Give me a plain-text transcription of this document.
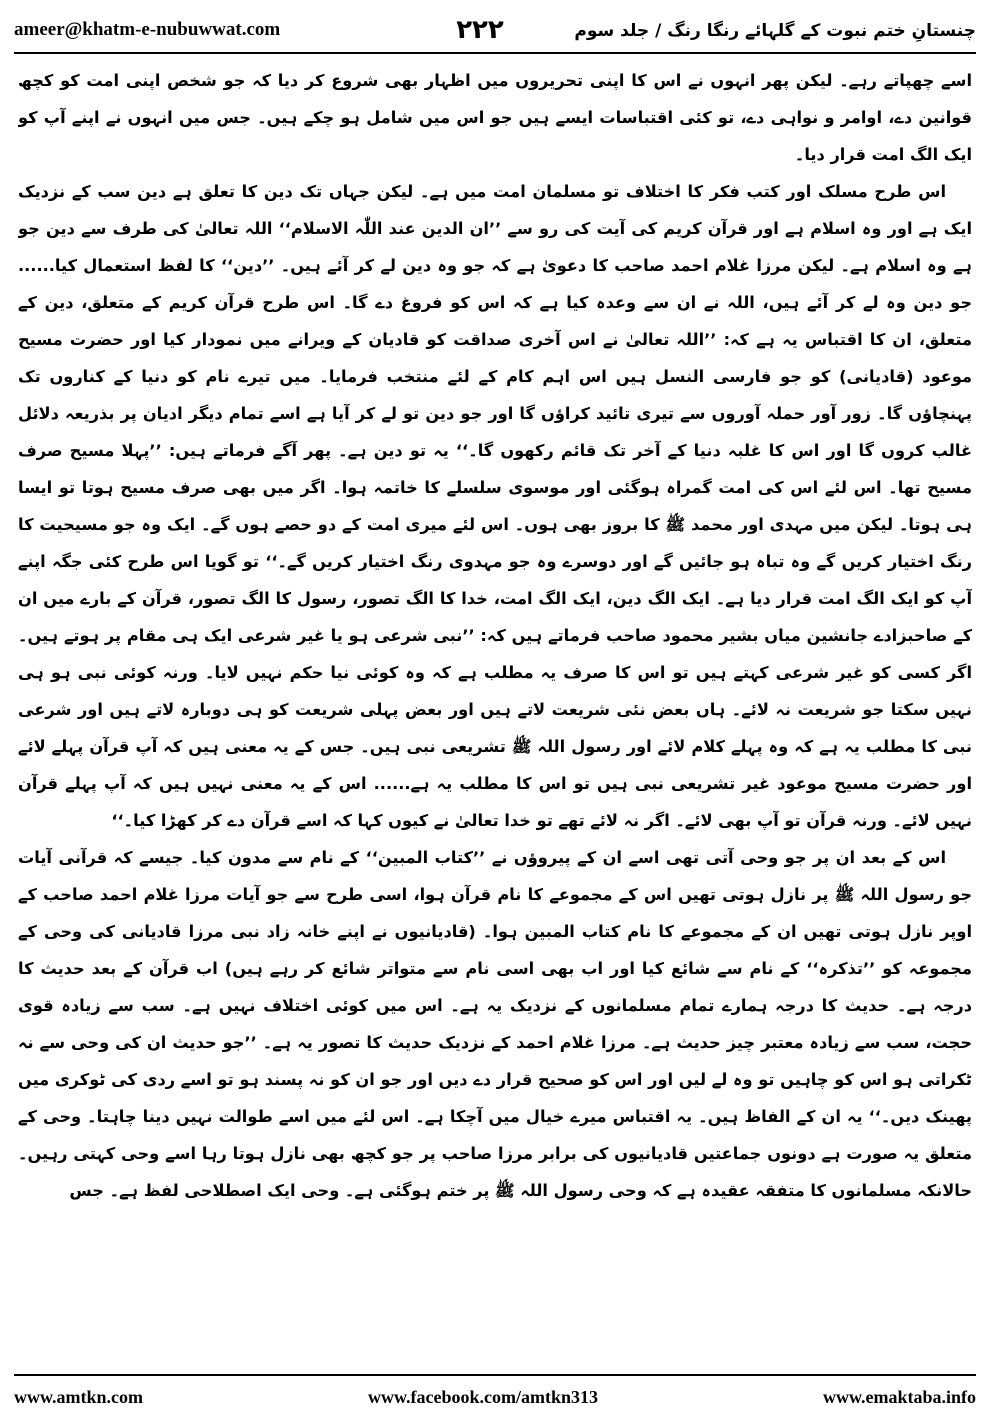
ameer@khatm-e-nubuwwat.com	۲۲۲	چنستانِ ختم نبوت کے گلہائے رنگا رنگ / جلد سوم

اسے چھپاتے رہے۔ لیکن پھر انہوں نے اس کا اپنی تحریروں میں اظہار بھی شروع کر دیا کہ جو شخص اپنی امت کو کچھ قوانین دے، اوامر و نواہی دے، تو کئی اقتباسات ایسے ہیں جو اس میں شامل ہو چکے ہیں۔ جس میں انہوں نے اپنے آپ کو ایک الگ امت قرار دیا۔

اس طرح مسلک اور کتب فکر کا اختلاف تو مسلمان امت میں ہے۔ لیکن جہاں تک دین کا تعلق ہے دین سب کے نزدیک ایک ہے اور وہ اسلام ہے اور قرآن کریم کی آیت کی رو سے ’’ان الدین عند اللّٰہ الاسلام‘‘ اللہ تعالیٰ کی طرف سے دین جو ہے وہ اسلام ہے۔ لیکن مرزا غلام احمد صاحب کا دعویٰ ہے کہ جو وہ دین لے کر آئے ہیں۔ ’’دین‘‘ کا لفظ استعمال کیا...... جو دین وہ لے کر آئے ہیں، اللہ نے ان سے وعدہ کیا ہے کہ اس کو فروغ دے گا۔ اس طرح قرآن کریم کے متعلق، دین کے متعلق، ان کا اقتباس یہ ہے کہ: ’’اللہ تعالیٰ نے اس آخری صداقت کو قادیان کے ویرانے میں نمودار کیا اور حضرت مسیح موعود (قادیانی) کو جو فارسی النسل ہیں اس اہم کام کے لئے منتخب فرمایا۔ میں تیرے نام کو دنیا کے کناروں تک پہنچاؤں گا۔ زور آور حملہ آوروں سے تیری تائید کراؤں گا اور جو دین تو لے کر آیا ہے اسے تمام دیگر ادیان پر بذریعہ دلائل غالب کروں گا اور اس کا غلبہ دنیا کے آخر تک قائم رکھوں گا۔‘‘ یہ تو دین ہے۔ پھر آگے فرماتے ہیں: ’’پہلا مسیح صرف مسیح تھا۔ اس لئے اس کی امت گمراہ ہوگئی اور موسوی سلسلے کا خاتمہ ہوا۔ اگر میں بھی صرف مسیح ہوتا تو ایسا ہی ہوتا۔ لیکن میں مہدی اور محمد ﷺ کا بروز بھی ہوں۔ اس لئے میری امت کے دو حصے ہوں گے۔ ایک وہ جو مسیحیت کا رنگ اختیار کریں گے وہ تباہ ہو جائیں گے اور دوسرے وہ جو مہدوی رنگ اختیار کریں گے۔‘‘ تو گویا اس طرح کئی جگہ اپنے آپ کو ایک الگ امت قرار دیا ہے۔ ایک الگ دین، ایک الگ امت، خدا کا الگ تصور، رسول کا الگ تصور، قرآن کے بارے میں ان کے صاحبزادے جانشین میاں بشیر محمود صاحب فرماتے ہیں کہ: ’’نبی شرعی ہو یا غیر شرعی ایک ہی مقام پر ہوتے ہیں۔ اگر کسی کو غیر شرعی کہتے ہیں تو اس کا صرف یہ مطلب ہے کہ وہ کوئی نیا حکم نہیں لایا۔ ورنہ کوئی نبی ہو ہی نہیں سکتا جو شریعت نہ لائے۔ ہاں بعض نئی شریعت لاتے ہیں اور بعض پہلی شریعت کو ہی دوبارہ لاتے ہیں اور شرعی نبی کا مطلب یہ ہے کہ وہ پہلے کلام لائے اور رسول اللہ ﷺ تشریعی نبی ہیں۔ جس کے یہ معنی ہیں کہ آپ قرآن پہلے لائے اور حضرت مسیح موعود غیر تشریعی نبی ہیں تو اس کا مطلب یہ ہے...... اس کے یہ معنی نہیں ہیں کہ آپ پہلے قرآن نہیں لائے۔ ورنہ قرآن تو آپ بھی لائے۔ اگر نہ لائے تھے تو خدا تعالیٰ نے کیوں کہا کہ اسے قرآن دے کر کھڑا کیا۔‘‘

اس کے بعد ان پر جو وحی آتی تھی اسے ان کے پیروؤں نے ’’کتاب المبین‘‘ کے نام سے مدون کیا۔ جیسے کہ قرآنی آیات جو رسول اللہ ﷺ پر نازل ہوتی تھیں اس کے مجموعے کا نام قرآن ہوا، اسی طرح سے جو آیات مرزا غلام احمد صاحب کے اوپر نازل ہوتی تھیں ان کے مجموعے کا نام کتاب المبین ہوا۔ (قادیانیوں نے اپنے خانہ زاد نبی مرزا قادیانی کی وحی کے مجموعہ کو ’’تذکرہ‘‘ کے نام سے شائع کیا اور اب بھی اسی نام سے متواتر شائع کر رہے ہیں) اب قرآن کے بعد حدیث کا درجہ ہے۔ حدیث کا درجہ ہمارے تمام مسلمانوں کے نزدیک یہ ہے۔ اس میں کوئی اختلاف نہیں ہے۔ سب سے زیادہ قوی حجت، سب سے زیادہ معتبر چیز حدیث ہے۔ مرزا غلام احمد کے نزدیک حدیث کا تصور یہ ہے۔ ’’جو حدیث ان کی وحی سے نہ ٹکراتی ہو اس کو چاہیں تو وہ لے لیں اور اس کو صحیح قرار دے دیں اور جو ان کو نہ پسند ہو تو اسے ردی کی ٹوکری میں پھینک دیں۔‘‘ یہ ان کے الفاظ ہیں۔ یہ اقتباس میرے خیال میں آچکا ہے۔ اس لئے میں اسے طوالت نہیں دینا چاہتا۔ وحی کے متعلق یہ صورت ہے دونوں جماعتیں قادیانیوں کی برابر مرزا صاحب پر جو کچھ بھی نازل ہوتا رہا اسے وحی کہتی رہیں۔ حالانکہ مسلمانوں کا متفقہ عقیدہ ہے کہ وحی رسول اللہ ﷺ پر ختم ہوگئی ہے۔ وحی ایک اصطلاحی لفظ ہے۔ جس

www.amtkn.com	www.facebook.com/amtkn313	www.emaktaba.info
